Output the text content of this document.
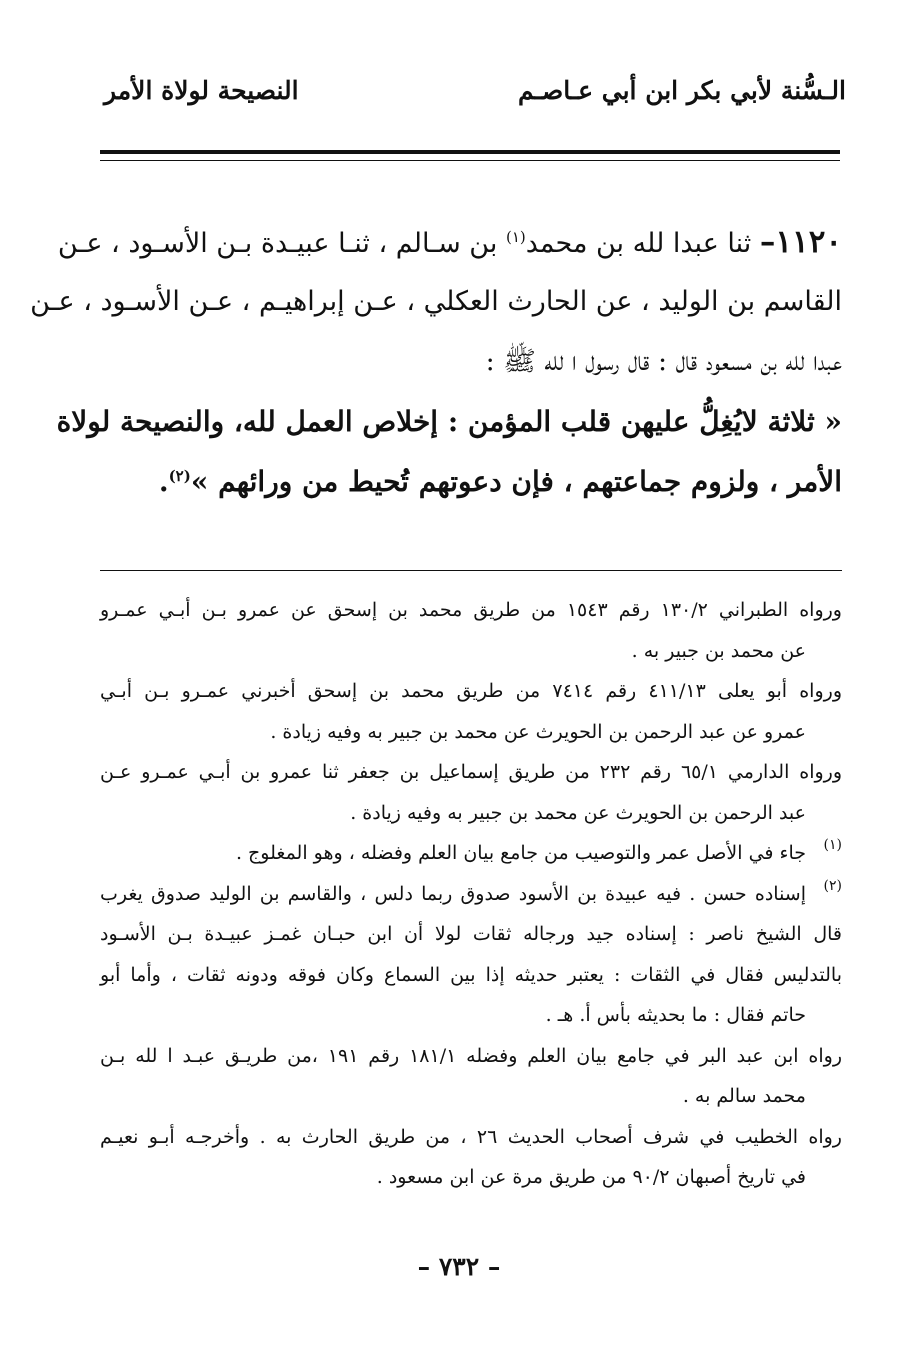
الـسُّنة لأبي بكر ابن أبي عـاصـم
النصيحة لولاة الأمر
١١٢٠– ثنا عبدا لله بن محمد$^{(١)}$ بن سـالم ، ثنـا عبيـدة بـن الأسـود ، عـن
القاسم بن الوليد ، عن الحارث العكلي ، عـن إبراهيـم ، عـن الأسـود ، عـن
عبدا لله بن مسعود قال : قال رسول ا لله ﷺ :
« ثلاثة لايُغِلُّ عليهن قلب المؤمن : إخلاص العمل لله، والنصيحة لولاة
الأمر ، ولزوم جماعتهم ، فإن دعوتهم تُحيط من ورائهم »$^{(٢)}$.
ورواه الطبراني ١٣٠/٢ رقم ١٥٤٣ من طريق محمد بن إسحق عن عمرو بـن أبـي عمـرو
عن محمد بن جبير به .
ورواه أبو يعلى ٤١١/١٣ رقم ٧٤١٤ من طريق محمد بن إسحق أخبرني عمـرو بـن أبـي
عمرو عن عبد الرحمن بن الحويرث عن محمد بن جبير به وفيه زيادة .
ورواه الدارمي ٦٥/١ رقم ٢٣٢ من طريق إسماعيل بن جعفر ثنا عمرو بن أبـي عمـرو عـن
عبد الرحمن بن الحويرث عن محمد بن جبير به وفيه زيادة .
(١)
جاء في الأصل عمر والتوصيب من جامع بيان العلم وفضله ، وهو المغلوج .
(٢)
إسناده حسن . فيه عبيدة بن الأسود صدوق ربما دلس ، والقاسم بن الوليد صدوق يغرب
قال الشيخ ناصر : إسناده جيد ورجاله ثقات لولا أن ابن حبـان غمـز عبيـدة بـن الأسـود
بالتدليس فقال في الثقات : يعتبر حديثه إذا بين السماع وكان فوقه ودونه ثقات ، وأما أبو
حاتم فقال : ما بحديثه بأس أ. هـ .
رواه ابن عبد البر في جامع بيان العلم وفضله ١٨١/١ رقم ١٩١ ،من طريـق عبـد ا لله بـن
محمد سالم به .
رواه الخطيب في شرف أصحاب الحديث ٢٦ ، من طريق الحارث به . وأخرجـه أبـو نعيـم
في تاريخ أصبهان ٩٠/٢ من طريق مرة عن ابن مسعود .
– ٧٣٢ –
